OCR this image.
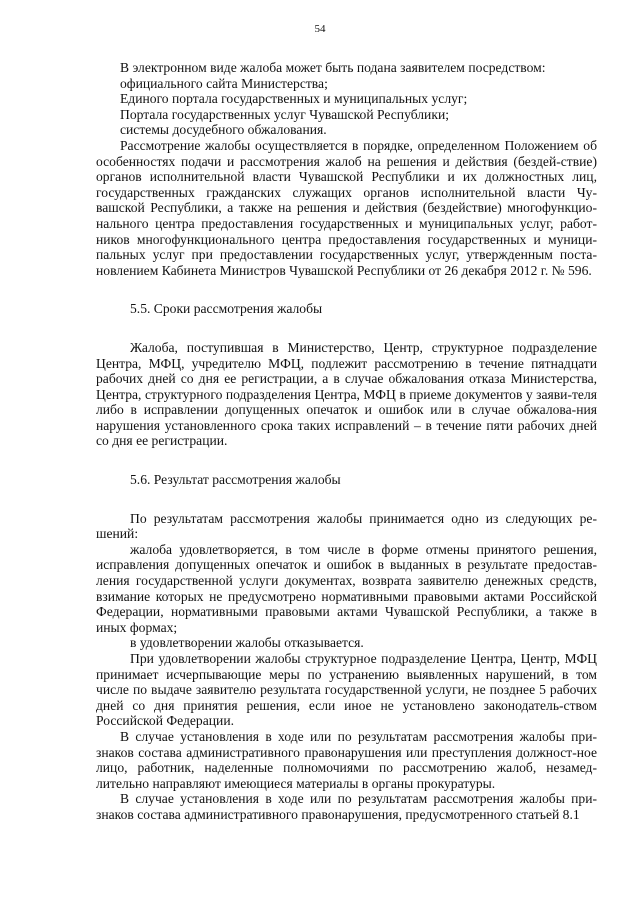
54

В электронном виде жалоба может быть подана заявителем посредством:

официального сайта Министерства;

Единого портала государственных и муниципальных услуг;

Портала государственных услуг Чувашской Республики;

системы досудебного обжалования.

Рассмотрение жалобы осуществляется в порядке, определенном Положением об особенностях подачи и рассмотрения жалоб на решения и действия (бездей-ствие) органов исполнительной власти Чувашской Республики и их должностных лиц, государственных гражданских служащих органов исполнительной власти Чу-вашской Республики, а также на решения и действия (бездействие) многофункцио-нального центра предоставления государственных и муниципальных услуг, работ-ников многофункционального центра предоставления государственных и муници-пальных услуг при предоставлении государственных услуг, утвержденным поста-новлением Кабинета Министров Чувашской Республики от 26 декабря 2012 г. № 596.

5.5. Сроки рассмотрения жалобы

Жалоба, поступившая в Министерство, Центр, структурное подразделение Центра, МФЦ, учредителю МФЦ, подлежит рассмотрению в течение пятнадцати рабочих дней со дня ее регистрации, а в случае обжалования отказа Министерства, Центра, структурного подразделения Центра, МФЦ в приеме документов у заяви-теля либо в исправлении допущенных опечаток и ошибок или в случае обжалова-ния нарушения установленного срока таких исправлений – в течение пяти рабочих дней со дня ее регистрации.

5.6. Результат рассмотрения жалобы

По результатам рассмотрения жалобы принимается одно из следующих ре-шений:

жалоба удовлетворяется, в том числе в форме отмены принятого решения, исправления допущенных опечаток и ошибок в выданных в результате предостав-ления государственной услуги документах, возврата заявителю денежных средств, взимание которых не предусмотрено нормативными правовыми актами Российской Федерации, нормативными правовыми актами Чувашской Республики, а также в иных формах;

в удовлетворении жалобы отказывается.

При удовлетворении жалобы структурное подразделение Центра, Центр, МФЦ принимает исчерпывающие меры по устранению выявленных нарушений, в том числе по выдаче заявителю результата государственной услуги, не позднее 5 рабочих дней со дня принятия решения, если иное не установлено законодатель-ством Российской Федерации.

В случае установления в ходе или по результатам рассмотрения жалобы при-знаков состава административного правонарушения или преступления должност-ное лицо, работник, наделенные полномочиями по рассмотрению жалоб, незамед-лительно направляют имеющиеся материалы в органы прокуратуры.

В случае установления в ходе или по результатам рассмотрения жалобы при-знаков состава административного правонарушения, предусмотренного статьей 8.1
